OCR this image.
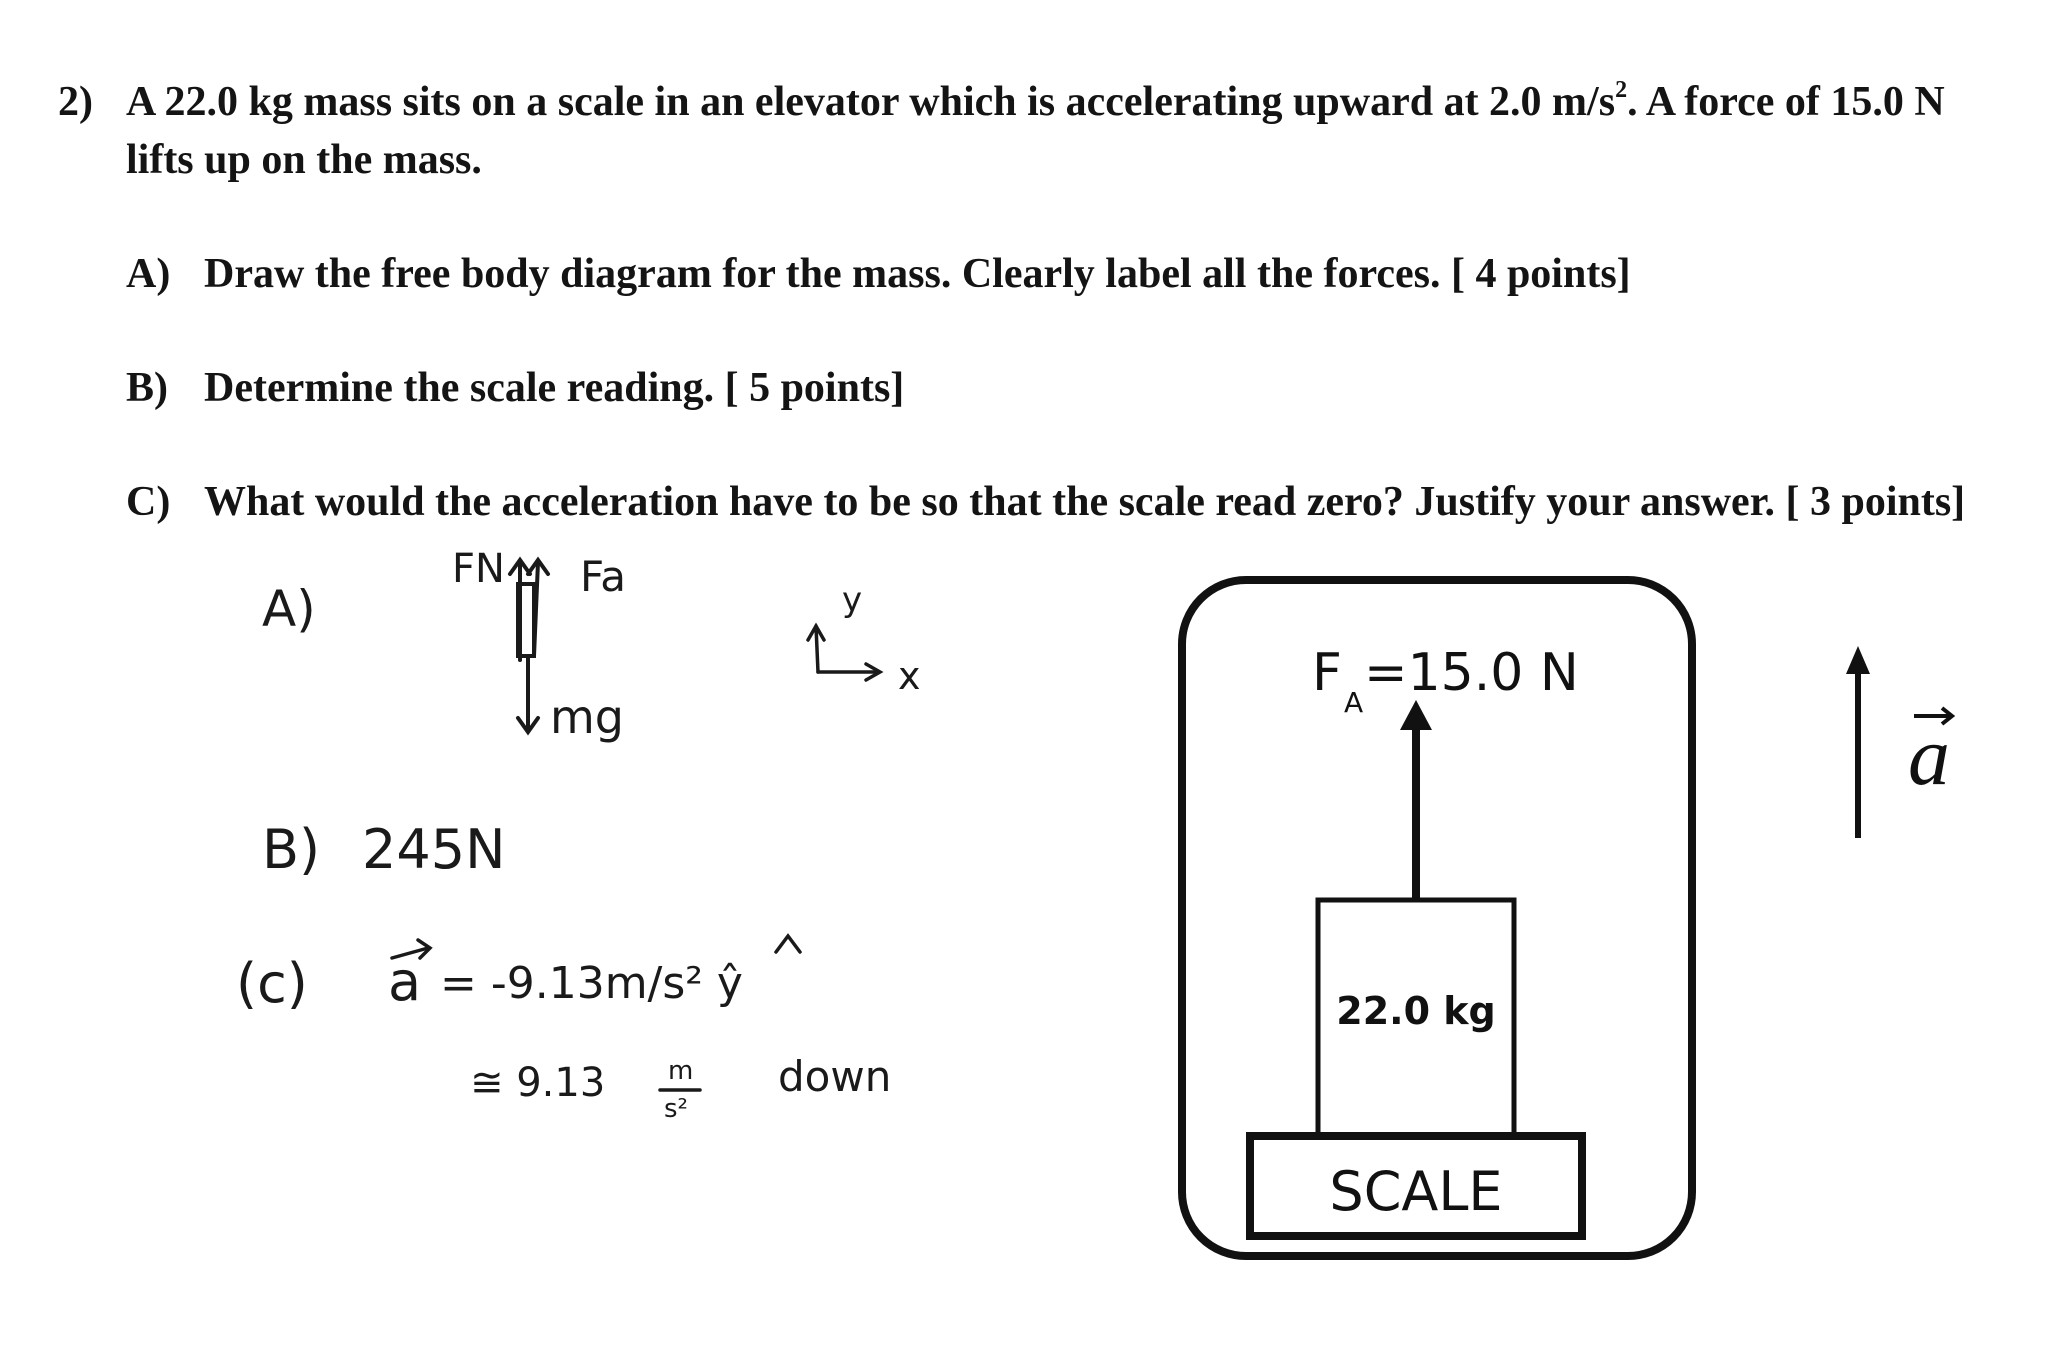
2) A 22.0 kg mass sits on a scale in an elevator which is accelerating upward at 2.0 $m/s^2$. A force of 15.0 N
lifts up on the mass.
A) Draw the free body diagram for the mass. Clearly label all the forces. [ 4 points]
B) Determine the scale reading. [ 5 points]
C) What would the acceleration have to be so that the scale read zero? Justify your answer. [ 3 points]
A)
FN Fa
mg
y
x
B) 245N
(c) a = -9.13m/s² ŷ
≅ 9.13 m
s²
down
F A =15.0 N
22.0 kg
SCALE
a
